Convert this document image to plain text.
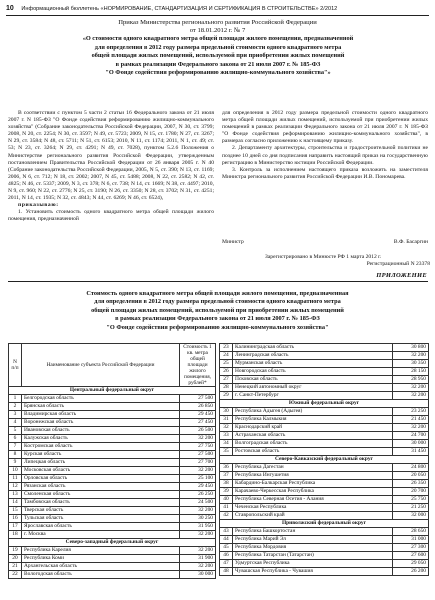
10 Информационный бюллетень «НОРМИРОВАНИЕ, СТАНДАРТИЗАЦИЯ И СЕРТИФИКАЦИЯ В СТРОИТЕЛЬСТВЕ» 2/2012
Приказ Министерства регионального развития Российской Федерации
от 18.01.2012 г. № 7
«О стоимости одного квадратного метра общей площади жилого помещения, предназначенной
для определения в 2012 году размера предельной стоимости одного квадратного метра
общей площади жилых помещений, используемой при приобретении жилых помещений
в рамках реализации Федерального закона от 21 июля 2007 г. № 185-ФЗ
"О Фонде содействия реформированию жилищно-коммунального хозяйства"»

В соответствии с пунктом 5 части 2 статьи 16 Федерального закона от 21 июля 2007 г. N 185-ФЗ "О Фонде содействия реформированию жилищно-коммунального хозяйства" (Собрание законодательства Российской Федерации, 2007, N 30, ст. 3799; 2008, N 20, ст. 2254; N 30, ст. 3597; N 49, ст. 5723; 2009, N 15, ст. 1780; N 27, ст. 3267; N 29, ст. 3584; N 48, ст. 5711; N 51, ст. 6153; 2010, N 11, ст. 1174; 2011, N 1, ст. 49; ст. 53; N 23, ст. 3264; N 29, ст. 4291; N 49, ст. 7028), пунктом 5.2.6 Положения о Министерстве регионального развития Российской Федерации, утвержденным постановлением Правительства Российской Федерации от 26 января 2005 г. N 40 (Собрание законодательства Российской Федерации, 2005, N 5, ст. 390; N 13, ст. 1169; 2006, N 6, ст. 712; N 18, ст. 2002; 2007, N 45, ст. 5488; 2008, N 22, ст. 2582; N 42, ст. 4825; N 46, ст. 5337; 2009, N 3, ст. 378; N 6, ст. 738; N 14, ст. 1669; N 38, ст. 4497; 2010, N 9, ст. 960; N 22, ст. 2776; N 25, ст. 3190; N 26, ст. 3350; N 28, ст. 3702; N 31, ст. 4251; 2011, N 14, ст. 1935; N 32, ст. 4843; N 44, ст. 6269; N 46, ст. 6524),

приказываю:

1. Установить стоимость одного квадратного метра общей площади жилого помещения, предназначенной

для определения в 2012 году размера предельной стоимости одного квадратного метра общей площади жилых помещений, используемой при приобретении жилых помещений в рамках реализации Федерального закона от 21 июля 2007 г. N 185-ФЗ "О Фонде содействия реформированию жилищно-коммунального хозяйства", в размерах согласно приложению к настоящему приказу.

2. Департаменту архитектуры, строительства и градостроительной политики не позднее 10 дней со дня подписания направить настоящий приказ на государственную регистрацию в Министерство юстиции Российской Федерации.

3. Контроль за исполнением настоящего приказа возложить на заместителя Министра регионального развития Российской Федерации И.В. Пономарева.

Министр	В.Ф. Басаргин
Зарегистрировано в Минюсте РФ 1 марта 2012 г.
Регистрационный N 23378
ПРИЛОЖЕНИЕ
Стоимость одного квадратного метра общей площади жилого помещения, предназначенная
для определения в 2012 году размера предельной стоимости одного квадратного метра
общей площади жилых помещений, используемой при приобретении жилых помещений
в рамках реализации Федерального закона от 21 июля 2007 г. № 185-ФЗ
"О Фонде содействия реформированию жилищно-коммунального хозяйства"
N п/п	Наименование субъекта Российской Федерации	Стоимость 1 кв. метра общей площади жилого помещения, рублей*
Центральный федеральный округ		
1	Белгородская область	27 500
2	Брянская область	26 850
3	Владимирская область	29 450
4	Воронежская область	27 450
5	Ивановская область	26 500
6	Калужская область	32 200
7	Костромская область	27 750
8	Курская область	27 500
9	Липецкая область	27 700
10	Московская область	32 200
11	Орловская область	25 100
12	Рязанская область	29 450
13	Смоленская область	26 250
14	Тамбовская область	24 500
15	Тверская область	32 200
16	Тульская область	30 250
17	Ярославская область	31 950
18	г. Москва	32 200
Северо-западный федеральный округ		
19	Республика Карелия	32 200
20	Республика Коми	31 900
21	Архангельская область	32 200
22	Вологодская область	30 000
23	Калининградская область	30 800
24	Ленинградская область	32 200
25	Мурманская область	30 350
26	Новгородская область	28 150
27	Псковская область	28 950
28	Ненецкий автономный округ	32 200
29	г. Санкт-Петербург	32 200
Южный федеральный округ		
30	Республика Адыгея (Адыгея)	23 250
31	Республика Калмыкия	21 450
32	Краснодарский край	32 200
33	Астраханская область	24 700
34	Волгоградская область	30 000
35	Ростовская область	31 450
Северо-Кавказский федеральный округ		
36	Республика Дагестан	24 800
37	Республика Ингушетия	20 050
38	Кабардино-Балкарская Республика	26 350
39	Карачаево-Черкесская Республика	20 700
40	Республика Северная Осетия - Алания	25 750
41	Чеченская Республика	21 250
42	Ставропольский край	32 000
Приволжский федеральный округ		
43	Республика Башкортостан	28 650
44	Республика Марий Эл	31 000
45	Республика Мордовия	27 300
46	Республика Татарстан (Татарстан)	27 600
47	Удмуртская Республика	29 050
48	Чувашская Республика - Чувашия	26 200
